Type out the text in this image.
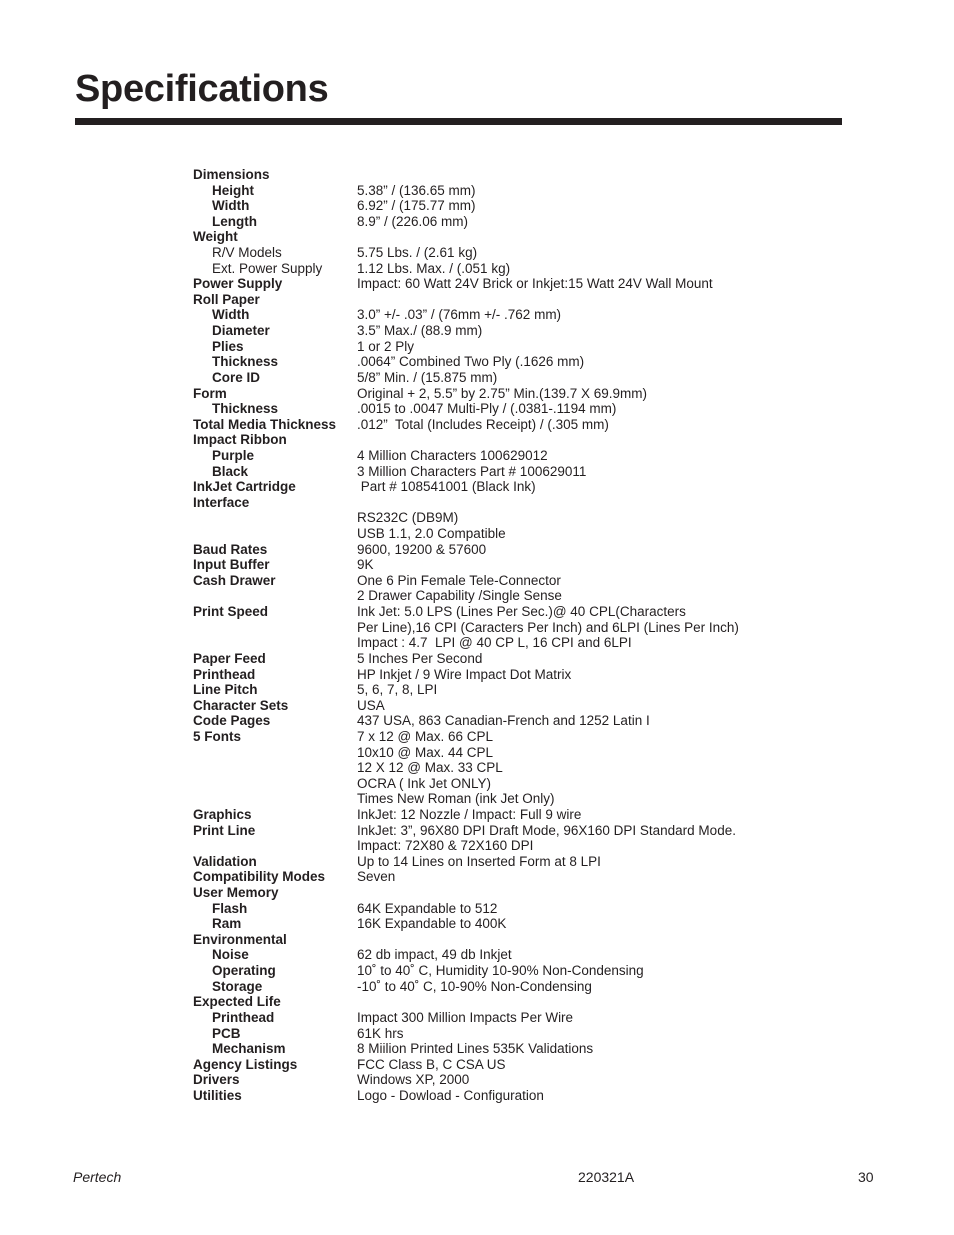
Specifications
Dimensions
Height	5.38” / (136.65 mm)
Width	6.92” / (175.77 mm)
Length	8.9” / (226.06 mm)
Weight
R/V Models	5.75 Lbs. / (2.61 kg)
Ext. Power Supply	1.12 Lbs. Max. / (.051 kg)
Power Supply	Impact: 60 Watt 24V Brick or Inkjet:15 Watt 24V Wall Mount
Roll Paper
Width	3.0” +/- .03” / (76mm +/- .762 mm)
Diameter	3.5” Max./ (88.9 mm)
Plies	1 or 2 Ply
Thickness	.0064” Combined Two Ply (.1626 mm)
Core ID	5/8” Min. / (15.875 mm)
Form	Original + 2, 5.5” by 2.75” Min.(139.7 X 69.9mm)
Thickness	.0015 to .0047 Multi-Ply / (.0381-.1194 mm)
Total Media Thickness .012”  Total (Includes Receipt) / (.305 mm)
Impact Ribbon
Purple	4 Million Characters 100629012
Black	3 Million Characters Part # 100629011
InkJet Cartridge	Part # 108541001 (Black Ink)
Interface
RS232C (DB9M)
USB 1.1, 2.0 Compatible
Baud Rates	9600, 19200 & 57600
Input Buffer	9K
Cash Drawer	One 6 Pin Female Tele-Connector
2 Drawer Capability /Single Sense
Print Speed	Ink Jet: 5.0 LPS (Lines Per Sec.)@ 40 CPL(Characters
Per Line),16 CPI (Caracters Per Inch) and 6LPI (Lines Per Inch)
Impact : 4.7  LPI @ 40 CP L, 16 CPI and 6LPI
Paper Feed	5 Inches Per Second
Printhead	HP Inkjet / 9 Wire Impact Dot Matrix
Line Pitch	5, 6, 7, 8, LPI
Character Sets	USA
Code Pages	437 USA, 863 Canadian-French and 1252 Latin I
5 Fonts	7 x 12 @ Max. 66 CPL
10x10 @ Max. 44 CPL
12 X 12 @ Max. 33 CPL
OCRA ( Ink Jet ONLY)
Times New Roman (ink Jet Only)
Graphics	InkJet: 12 Nozzle / Impact: Full 9 wire
Print Line	InkJet: 3”, 96X80 DPI Draft Mode, 96X160 DPI Standard Mode.
Impact: 72X80 & 72X160 DPI
Validation	Up to 14 Lines on Inserted Form at 8 LPI
Compatibility Modes Seven
User Memory
Flash	64K Expandable to 512
Ram	16K Expandable to 400K
Environmental
Noise	62 db impact, 49 db Inkjet
Operating	10˚ to 40˚ C, Humidity 10-90% Non-Condensing
Storage	-10˚ to 40˚ C, 10-90% Non-Condensing
Expected Life
Printhead	Impact 300 Million Impacts Per Wire
PCB	61K hrs
Mechanism	8 Miilion Printed Lines 535K Validations
Agency Listings	FCC Class B, C CSA US
Drivers	Windows XP, 2000
Utilities	Logo - Dowload - Configuration
Pertech	220321A	30
